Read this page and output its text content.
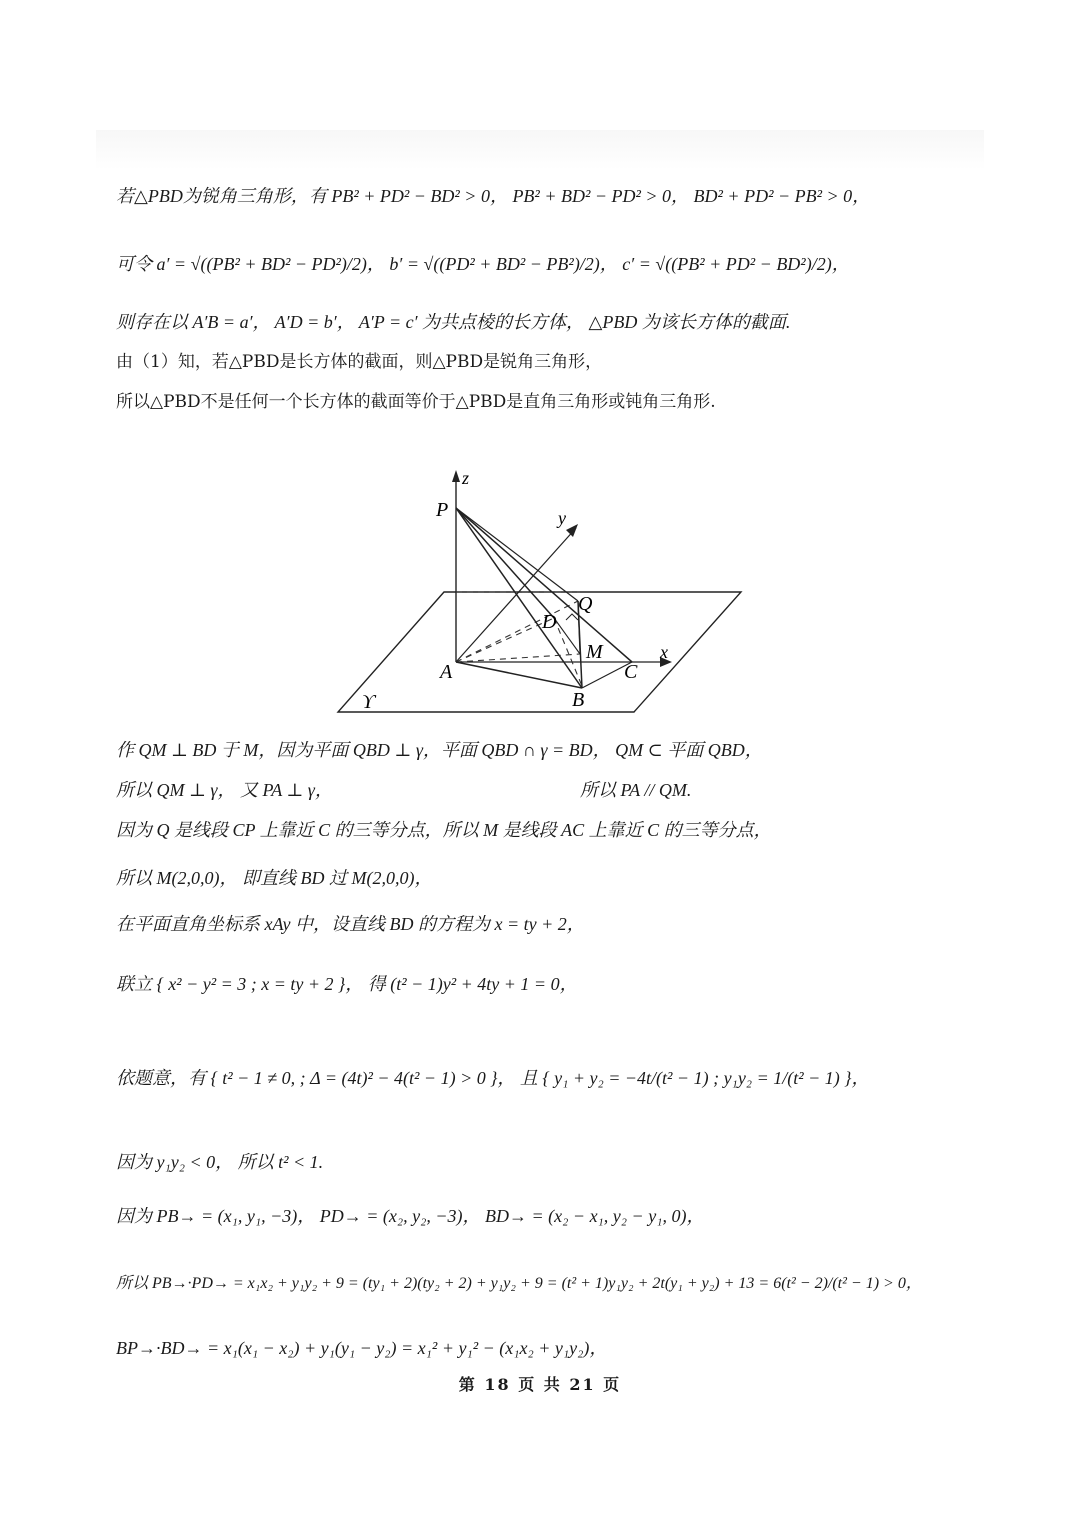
若△PBD为锐角三角形，有 PB² + PD² − BD² > 0， PB² + BD² − PD² > 0， BD² + PD² − PB² > 0，
可令 a′ = √((PB² + BD² − PD²)/2)， b′ = √((PD² + BD² − PB²)/2)， c′ = √((PB² + PD² − BD²)/2)，
则存在以 A′B = a′， A′D = b′， A′P = c′ 为共点棱的长方体， △PBD 为该长方体的截面.
由（1）知，若△PBD是长方体的截面，则△PBD是锐角三角形，
所以△PBD不是任何一个长方体的截面等价于△PBD是直角三角形或钝角三角形.
z
P	y
Q
D
M	x
A	C
B
ϒ
作 QM ⊥ BD 于 M，因为平面 QBD ⊥ γ，平面 QBD ∩ γ = BD， QM ⊂ 平面 QBD，
所以 QM ⊥ γ， 又 PA ⊥ γ，	所以 PA // QM.
因为 Q 是线段 CP 上靠近 C 的三等分点，所以 M 是线段 AC 上靠近 C 的三等分点，
所以 M(2,0,0)， 即直线 BD 过 M(2,0,0)，
在平面直角坐标系 xAy 中，设直线 BD 的方程为 x = ty + 2，
联立 { x² − y² = 3 ; x = ty + 2 }， 得 (t² − 1)y² + 4ty + 1 = 0，
依题意，有 { t² − 1 ≠ 0, ; Δ = (4t)² − 4(t² − 1) > 0 }， 且 { y₁ + y₂ = −4t/(t² − 1) ; y₁y₂ = 1/(t² − 1) }，
因为 y₁y₂ < 0， 所以 t² < 1.
因为 PB→ = (x₁, y₁, −3)， PD→ = (x₂, y₂, −3)， BD→ = (x₂ − x₁, y₂ − y₁, 0)，
所以 PB→·PD→ = x₁x₂ + y₁y₂ + 9 = (ty₁ + 2)(ty₂ + 2) + y₁y₂ + 9 = (t² + 1)y₁y₂ + 2t(y₁ + y₂) + 13 = 6(t² − 2)/(t² − 1) > 0，
BP→·BD→ = x₁(x₁ − x₂) + y₁(y₁ − y₂) = x₁² + y₁² − (x₁x₂ + y₁y₂)，
第 18 页 共 21 页
